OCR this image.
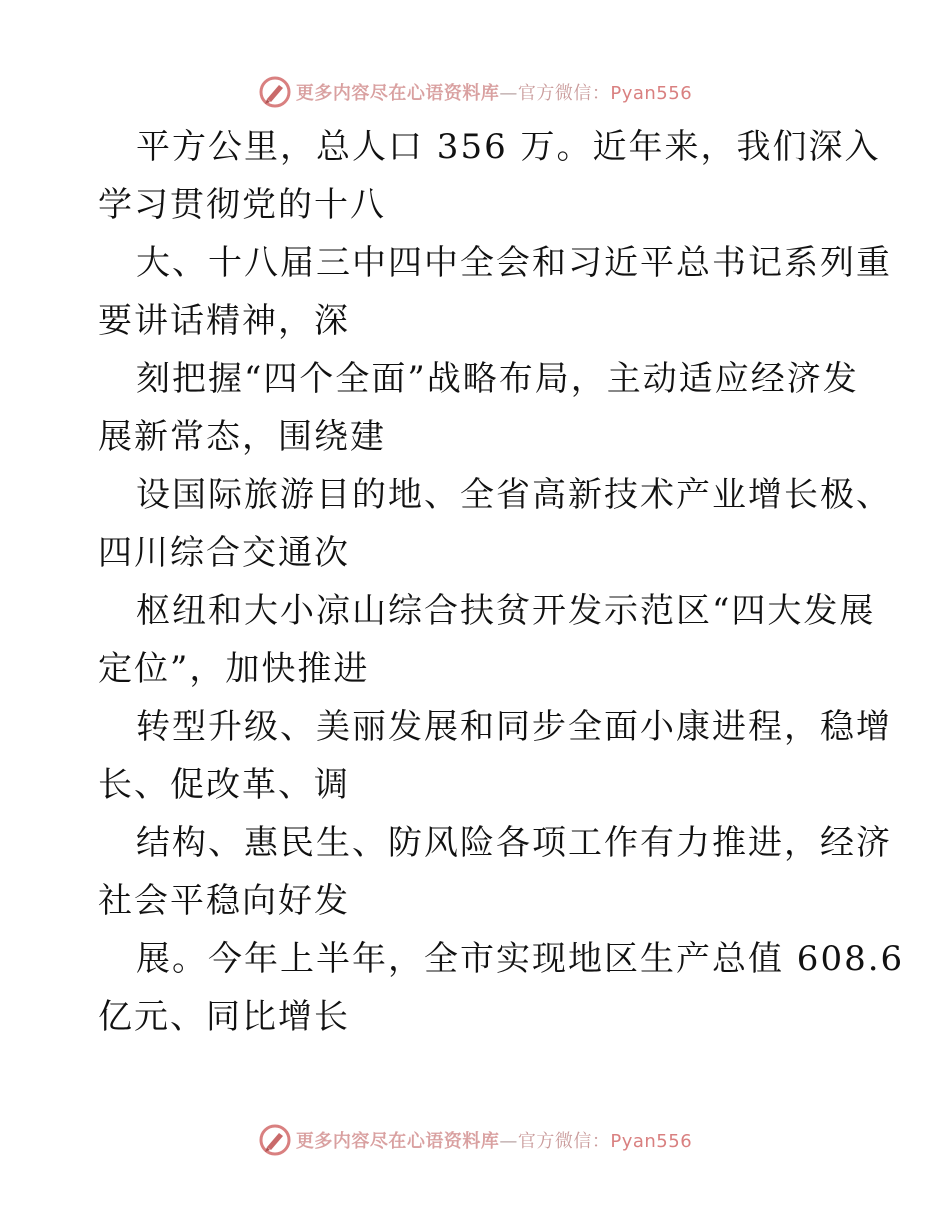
更多内容尽在心语资料库—官方微信：Pyan556

平方公里，总人口 356 万。近年来，我们深入

学习贯彻党的十八

大、十八届三中四中全会和习近平总书记系列重

要讲话精神，深

刻把握“四个全面”战略布局，主动适应经济发

展新常态，围绕建

设国际旅游目的地、全省高新技术产业增长极、

四川综合交通次

枢纽和大小凉山综合扶贫开发示范区“四大发展

定位”，加快推进

转型升级、美丽发展和同步全面小康进程，稳增

长、促改革、调

结构、惠民生、防风险各项工作有力推进，经济

社会平稳向好发

展。今年上半年，全市实现地区生产总值 608.6

亿元、同比增长

更多内容尽在心语资料库—官方微信：Pyan556
